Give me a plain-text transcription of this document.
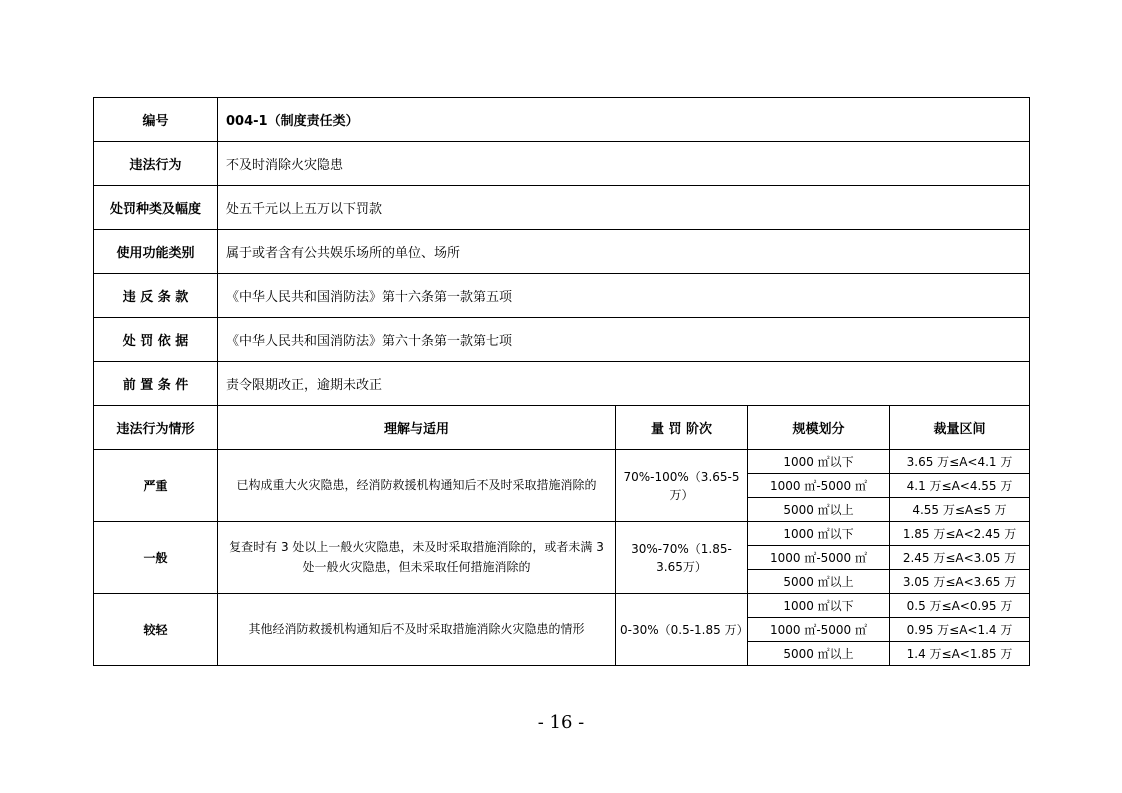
编号	004-1（制度责任类）			
违法行为	不及时消除火灾隐患			
处罚种类及幅度	处五千元以上五万以下罚款			
使用功能类别	属于或者含有公共娱乐场所的单位、场所			
违 反 条 款	《中华人民共和国消防法》第十六条第一款第五项			
处 罚 依 据	《中华人民共和国消防法》第六十条第一款第七项			
前 置 条 件	责令限期改正，逾期未改正			
违法行为情形	理解与适用	量 罚 阶次	规模划分	裁量区间
严重	已构成重大火灾隐患，经消防救援机构通知后不及时采取措施消除的	70%-100%（3.65-5万）	1000 ㎡以下	3.65 万≤A<4.1 万
			1000 ㎡-5000 ㎡	4.1 万≤A<4.55 万
			5000 ㎡以上	4.55 万≤A≤5 万
一般	复查时有 3 处以上一般火灾隐患，未及时采取措施消除的，或者未满 3 处一般火灾隐患，但未采取任何措施消除的	30%-70%（1.85-3.65万）	1000 ㎡以下	1.85 万≤A<2.45 万
			1000 ㎡-5000 ㎡	2.45 万≤A<3.05 万
			5000 ㎡以上	3.05 万≤A<3.65 万
较轻	其他经消防救援机构通知后不及时采取措施消除火灾隐患的情形	0-30%（0.5-1.85 万）	1000 ㎡以下	0.5 万≤A<0.95 万
			1000 ㎡-5000 ㎡	0.95 万≤A<1.4 万
			5000 ㎡以上	1.4 万≤A<1.85 万
- 16 -
